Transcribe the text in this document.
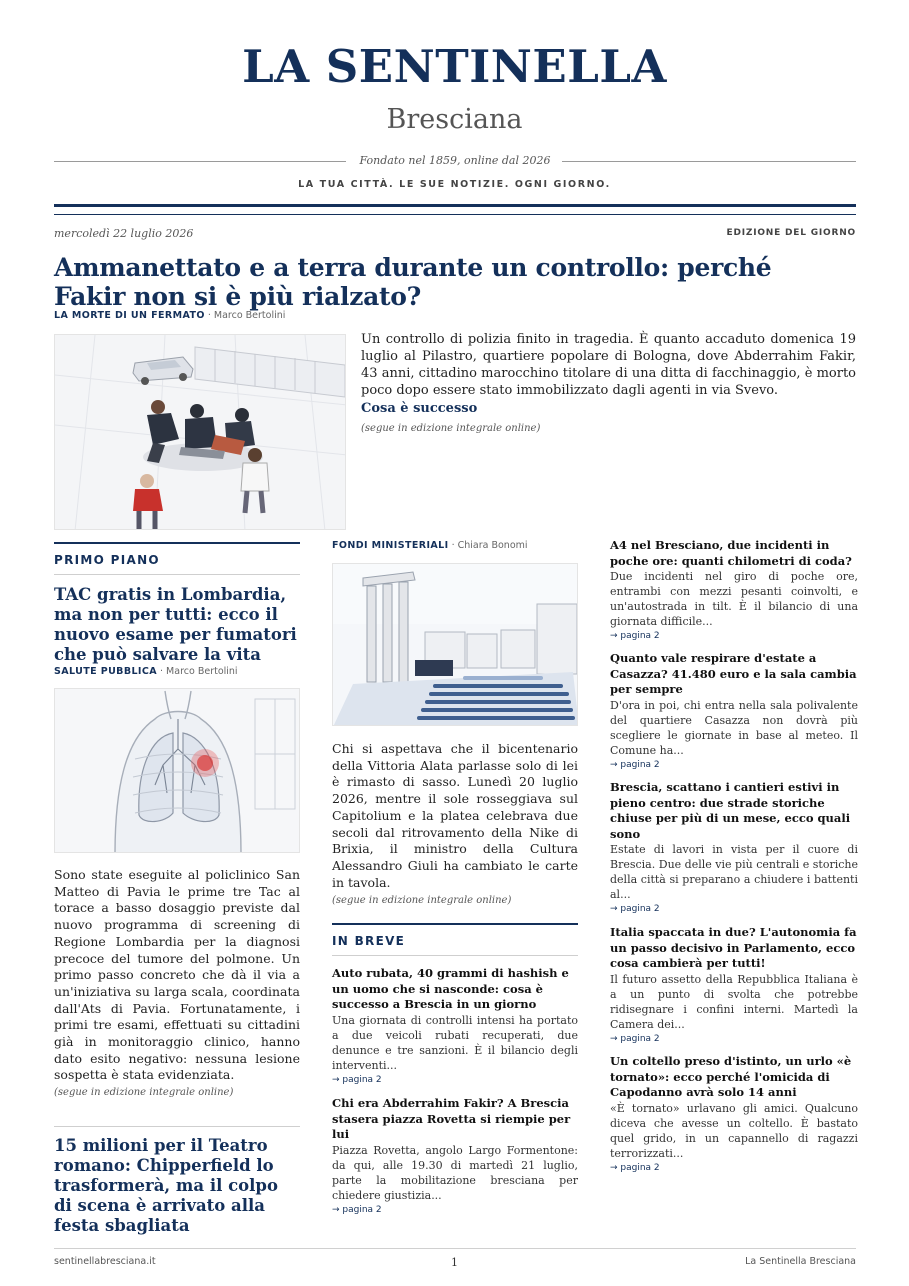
LA SENTINELLA
Bresciana
Fondato nel 1859, online dal 2026
LA TUA CITTÀ. LE SUE NOTIZIE. OGNI GIORNO.
mercoledì 22 luglio 2026	EDIZIONE DEL GIORNO
Ammanettato e a terra durante un controllo: perché
Fakir non si è più rialzato?
LA MORTE DI UN FERMATO · Marco Bertolini
Un controllo di polizia finito in tragedia. È quanto accaduto domenica 19 luglio al Pilastro, quartiere popolare di Bologna, dove Abderrahim Fakir, 43 anni, cittadino marocchino titolare di una ditta di facchinaggio, è morto poco dopo essere stato immobilizzato dagli agenti in via Svevo.
Cosa è successo
(segue in edizione integrale online)
PRIMO PIANO
TAC gratis in Lombardia, ma non per tutti: ecco il nuovo esame per fumatori che può salvare la vita
SALUTE PUBBLICA · Marco Bertolini
Sono state eseguite al policlinico San Matteo di Pavia le prime tre Tac al torace a basso dosaggio previste dal nuovo programma di screening di Regione Lombardia per la diagnosi precoce del tumore del polmone. Un primo passo concreto che dà il via a un'iniziativa su larga scala, coordinata dall'Ats di Pavia. Fortunatamente, i primi tre esami, effettuati su cittadini già in monitoraggio clinico, hanno dato esito negativo: nessuna lesione sospetta è stata evidenziata.
(segue in edizione integrale online)
15 milioni per il Teatro romano: Chipperfield lo trasformerà, ma il colpo di scena è arrivato alla festa sbagliata
FONDI MINISTERIALI · Chiara Bonomi
Chi si aspettava che il bicentenario della Vittoria Alata parlasse solo di lei è rimasto di sasso. Lunedì 20 luglio 2026, mentre il sole rosseggiava sul Capitolium e la platea celebrava due secoli dal ritrovamento della Nike di Brixia, il ministro della Cultura Alessandro Giuli ha cambiato le carte in tavola.
(segue in edizione integrale online)
IN BREVE
Auto rubata, 40 grammi di hashish e un uomo che si nasconde: cosa è successo a Brescia in un giorno
Una giornata di controlli intensi ha portato a due veicoli rubati recuperati, due denunce e tre sanzioni. È il bilancio degli interventi...
→ pagina 2
Chi era Abderrahim Fakir? A Brescia stasera piazza Rovetta si riempie per lui
Piazza Rovetta, angolo Largo Formentone: da qui, alle 19.30 di martedì 21 luglio, parte la mobilitazione bresciana per chiedere giustizia...
→ pagina 2
A4 nel Bresciano, due incidenti in poche ore: quanti chilometri di coda?
Due incidenti nel giro di poche ore, entrambi con mezzi pesanti coinvolti, e un'autostrada in tilt. È il bilancio di una giornata difficile...
→ pagina 2
Quanto vale respirare d'estate a Casazza? 41.480 euro e la sala cambia per sempre
D'ora in poi, chi entra nella sala polivalente del quartiere Casazza non dovrà più scegliere le giornate in base al meteo. Il Comune ha...
→ pagina 2
Brescia, scattano i cantieri estivi in pieno centro: due strade storiche chiuse per più di un mese, ecco quali sono
Estate di lavori in vista per il cuore di Brescia. Due delle vie più centrali e storiche della città si preparano a chiudere i battenti al...
→ pagina 2
Italia spaccata in due? L'autonomia fa un passo decisivo in Parlamento, ecco cosa cambierà per tutti!
Il futuro assetto della Repubblica Italiana è a un punto di svolta che potrebbe ridisegnare i confini interni. Martedì la Camera dei...
→ pagina 2
Un coltello preso d'istinto, un urlo «è tornato»: ecco perché l'omicida di Capodanno avrà solo 14 anni
«È tornato» urlavano gli amici. Qualcuno diceva che avesse un coltello. È bastato quel grido, in un capannello di ragazzi terrorizzati...
→ pagina 2
sentinellabresciana.it	1	La Sentinella Bresciana
